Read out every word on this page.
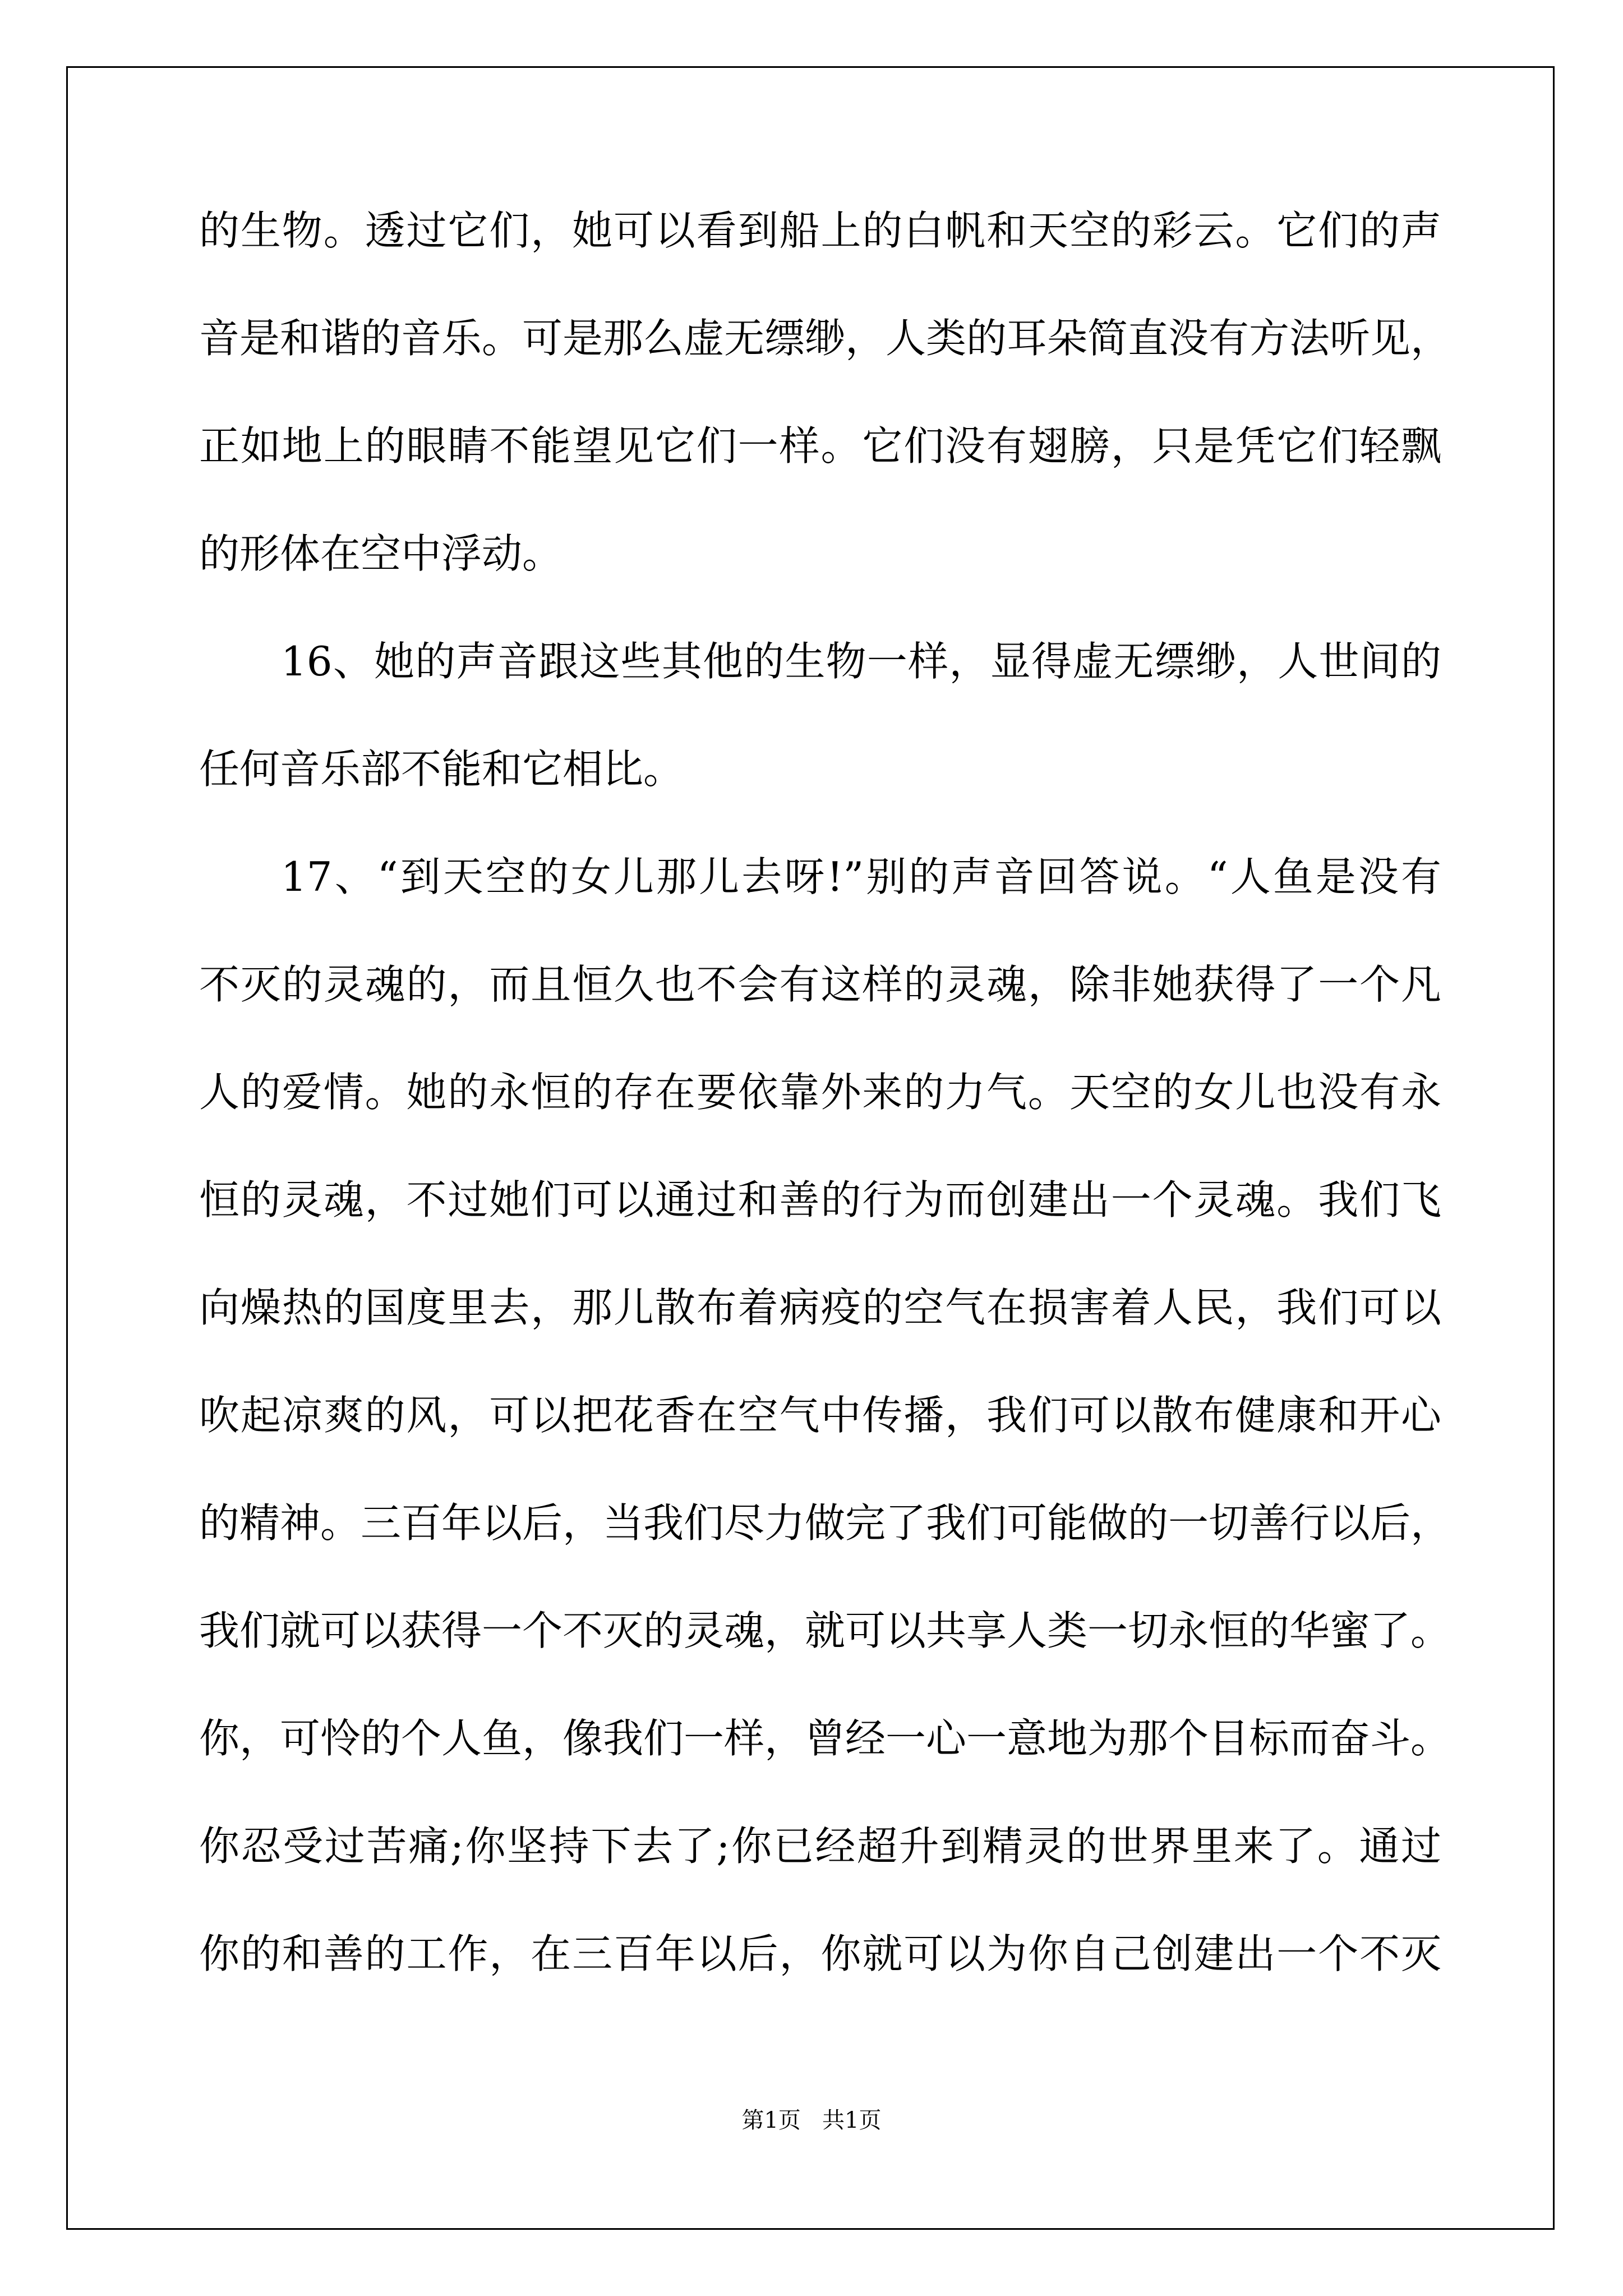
的生物。透过它们，她可以看到船上的白帆和天空的彩云。它们的声
音是和谐的音乐。可是那么虚无缥缈，人类的耳朵简直没有方法听见，
正如地上的眼睛不能望见它们一样。它们没有翅膀，只是凭它们轻飘
的形体在空中浮动。
16、她的声音跟这些其他的生物一样，显得虚无缥缈，人世间的
任何音乐部不能和它相比。
17、“到天空的女儿那儿去呀!”别的声音回答说。“人鱼是没有
不灭的灵魂的，而且恒久也不会有这样的灵魂，除非她获得了一个凡
人的爱情。她的永恒的存在要依靠外来的力气。天空的女儿也没有永
恒的灵魂，不过她们可以通过和善的行为而创建出一个灵魂。我们飞
向燥热的国度里去，那儿散布着病疫的空气在损害着人民，我们可以
吹起凉爽的风，可以把花香在空气中传播，我们可以散布健康和开心
的精神。三百年以后，当我们尽力做完了我们可能做的一切善行以后，
我们就可以获得一个不灭的灵魂，就可以共享人类一切永恒的华蜜了。
你，可怜的个人鱼，像我们一样，曾经一心一意地为那个目标而奋斗。
你忍受过苦痛;你坚持下去了;你已经超升到精灵的世界里来了。通过
你的和善的工作，在三百年以后，你就可以为你自己创建出一个不灭
第1页   共1页
